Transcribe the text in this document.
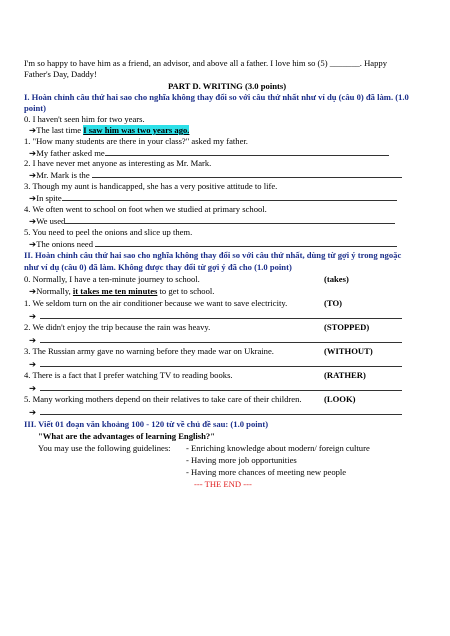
I'm so happy to have him as a friend, an advisor, and above all a father. I love him so (5) _______. Happy
Father's Day, Daddy!
PART D. WRITING (3.0 points)
I. Hoàn chỉnh câu thứ hai sao cho nghĩa không thay đổi so với câu thứ nhất như ví dụ (câu 0) đã làm. (1.0
point)
0. I haven't seen him for two years.
➔The last time I saw him was two years ago.
1. "How many students are there in your class?" asked my father.
➔My father asked me
2. I have never met anyone as interesting as Mr. Mark.
➔Mr. Mark is the
3. Though my aunt is handicapped, she has a very positive attitude to life.
➔In spite
4. We often went to school on foot when we studied at primary school.
➔We used
5. You need to peel the onions and slice up them.
➔The onions need
II. Hoàn chỉnh câu thứ hai sao cho nghĩa không thay đổi so với câu thứ nhất, dùng từ gợi ý trong ngoặc
như ví dụ (câu 0) đã làm. Không được thay đổi từ gợi ý đã cho (1.0 point)
0. Normally, I have a ten-minute journey to school.	(takes)
➔Normally, it takes me ten minutes to get to school.
1. We seldom turn on the air conditioner because we want to save electricity.	(TO)
➔
2. We didn't enjoy the trip because the rain was heavy.	(STOPPED)
➔
3. The Russian army gave no warning before they made war on Ukraine.	(WITHOUT)
➔
4. There is a fact that I prefer watching TV to reading books.	(RATHER)
➔
5. Many working mothers depend on their relatives to take care of their children.	(LOOK)
➔
III. Viết 01 đoạn văn khoảng 100 - 120 từ về chủ đề sau: (1.0 point)
"What are the advantages of learning English?"
You may use the following guidelines:	- Enriching knowledge about modern/ foreign culture
- Having more job opportunities
- Having more chances of meeting new people
--- THE END ---
